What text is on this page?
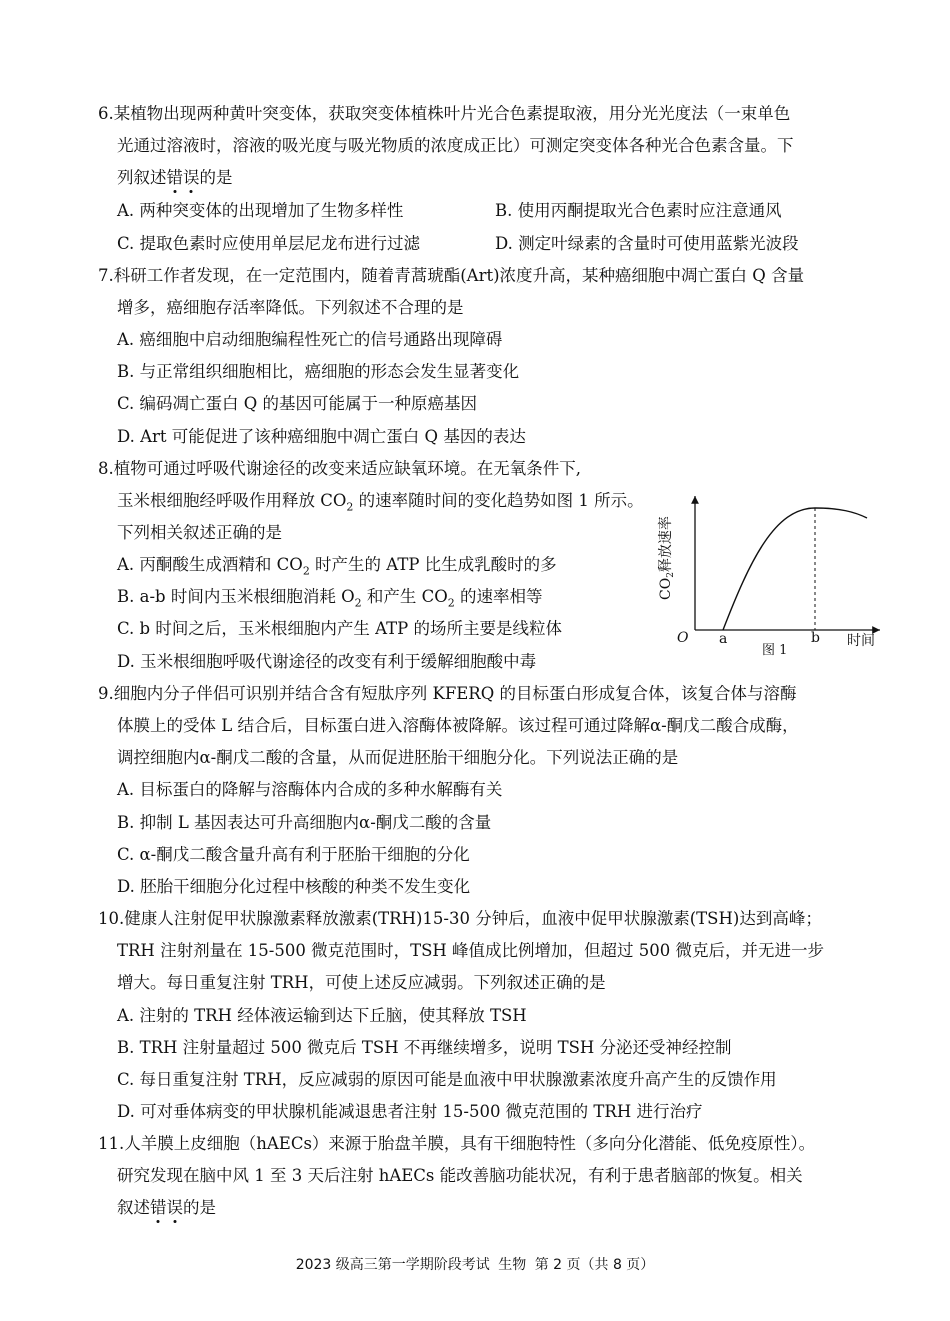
6.某植物出现两种黄叶突变体，获取突变体植株叶片光合色素提取液，用分光光度法（一束单色
光通过溶液时，溶液的吸光度与吸光物质的浓度成正比）可测定突变体各种光合色素含量。下
列叙述错
误
的是
A. 两种突变体的出现增加了生物多样性	B. 使用丙酮提取光合色素时应注意通风
C. 提取色素时应使用单层尼龙布进行过滤	D. 测定叶绿素的含量时可使用蓝紫光波段
7.科研工作者发现，在一定范围内，随着青蒿琥酯(Art)浓度升高，某种癌细胞中凋亡蛋白 Q 含量
增多，癌细胞存活率降低。下列叙述不合理的是
A. 癌细胞中启动细胞编程性死亡的信号通路出现障碍
B. 与正常组织细胞相比，癌细胞的形态会发生显著变化
C. 编码凋亡蛋白 Q 的基因可能属于一种原癌基因
D. Art 可能促进了该种癌细胞中凋亡蛋白 Q 基因的表达
8.植物可通过呼吸代谢途径的改变来适应缺氧环境。在无氧条件下,
玉米根细胞经呼吸作用释放 $CO_2$ 的速率随时间的变化趋势如图 1 所示。
下列相关叙述正确的是
A. 丙酮酸生成酒精和 $CO_2$ 时产生的 ATP 比生成乳酸时的多
B. a-b 时间内玉米根细胞消耗 $O_2$ 和产生 $CO_2$ 的速率相等
C. b 时间之后，玉米根细胞内产生 ATP 的场所主要是线粒体
D. 玉米根细胞呼吸代谢途径的改变有利于缓解细胞酸中毒
$CO_2$释放速率
O a	b 时间
图 1
9.细胞内分子伴侣可识别并结合含有短肽序列 KFERQ 的目标蛋白形成复合体，该复合体与溶酶
体膜上的受体 L 结合后，目标蛋白进入溶酶体被降解。该过程可通过降解α-酮戊二酸合成酶，
调控细胞内α-酮戊二酸的含量，从而促进胚胎干细胞分化。下列说法正确的是
A. 目标蛋白的降解与溶酶体内合成的多种水解酶有关
B. 抑制 L 基因表达可升高细胞内α-酮戊二酸的含量
C. α-酮戊二酸含量升高有利于胚胎干细胞的分化
D. 胚胎干细胞分化过程中核酸的种类不发生变化
10.健康人注射促甲状腺激素释放激素(TRH)15-30 分钟后，血液中促甲状腺激素(TSH)达到高峰；
TRH 注射剂量在 15-500 微克范围时，TSH 峰值成比例增加，但超过 500 微克后，并无进一步
增大。每日重复注射 TRH，可使上述反应减弱。下列叙述正确的是
A. 注射的 TRH 经体液运输到达下丘脑，使其释放 TSH
B. TRH 注射量超过 500 微克后 TSH 不再继续增多，说明 TSH 分泌还受神经控制
C. 每日重复注射 TRH，反应减弱的原因可能是血液中甲状腺激素浓度升高产生的反馈作用
D. 可对垂体病变的甲状腺机能减退患者注射 15-500 微克范围的 TRH 进行治疗
11.人羊膜上皮细胞（hAECs）来源于胎盘羊膜，具有干细胞特性（多向分化潜能、低免疫原性）。
研究发现在脑中风 1 至 3 天后注射 hAECs 能改善脑功能状况，有利于患者脑部的恢复。相关
叙述错
误
的是
2023 级高三第一学期阶段考试 生物 第 2 页（共 8 页）
